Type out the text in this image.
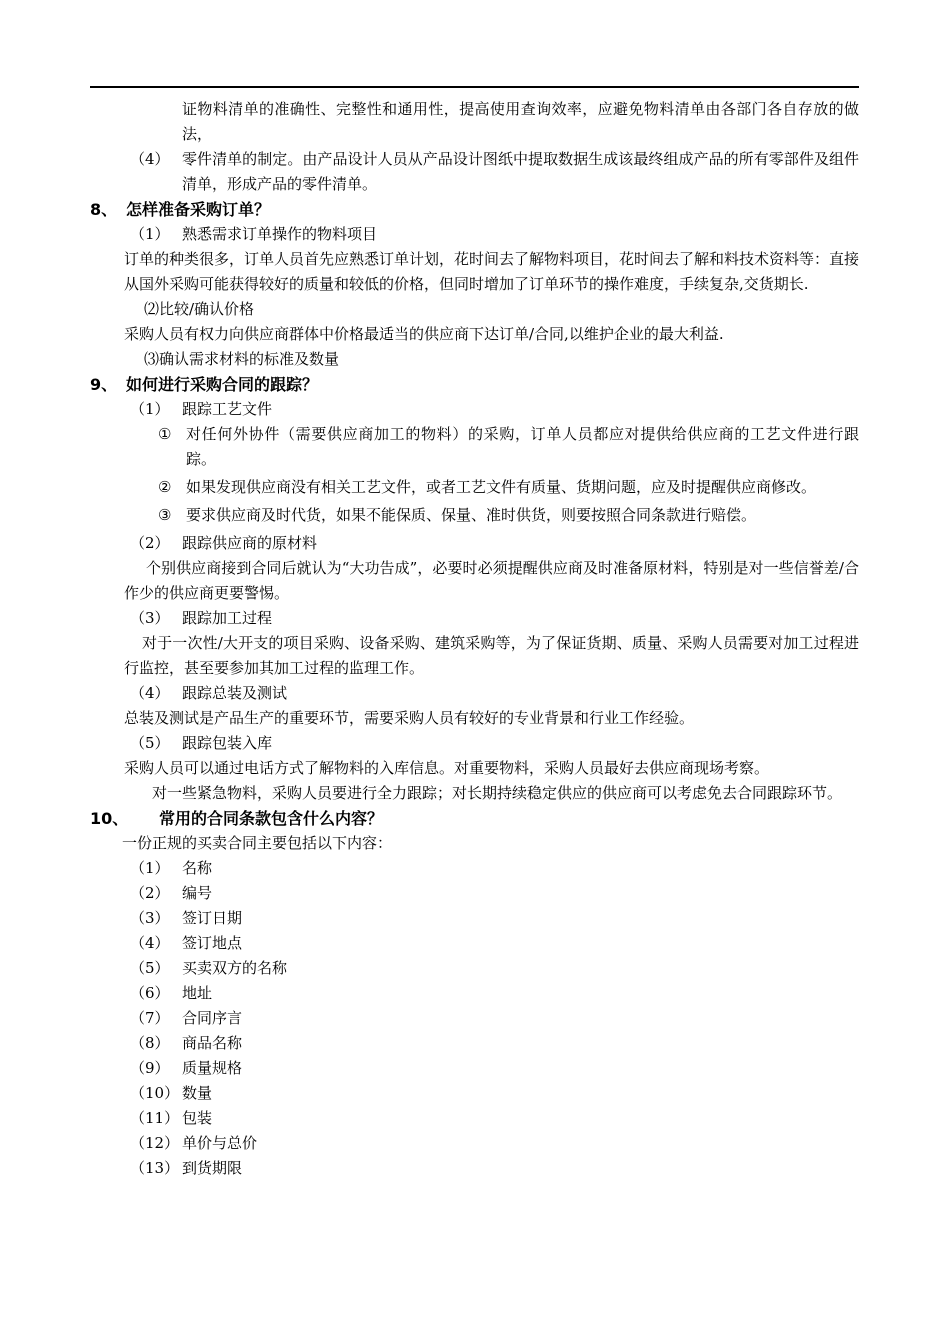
证物料清单的准确性、完整性和通用性，提高使用查询效率，应避免物料清单由各部门各自存放的做法，

（4） 零件清单的制定。由产品设计人员从产品设计图纸中提取数据生成该最终组成产品的所有零部件及组件清单，形成产品的零件清单。

8、 怎样准备采购订单？

（1） 熟悉需求订单操作的物料项目

订单的种类很多，订单人员首先应熟悉订单计划，花时间去了解物料项目，花时间去了解和料技术资料等：直接从国外采购可能获得较好的质量和较低的价格，但同时增加了订单环节的操作难度，手续复杂,交货期长.

⑵比较/确认价格

采购人员有权力向供应商群体中价格最适当的供应商下达订单/合同,以维护企业的最大利益.

⑶确认需求材料的标准及数量

9、 如何进行采购合同的跟踪？

（1） 跟踪工艺文件
① 对任何外协件（需要供应商加工的物料）的采购，订单人员都应对提供给供应商的工艺文件进行跟踪。
② 如果发现供应商没有相关工艺文件，或者工艺文件有质量、货期问题，应及时提醒供应商修改。
③ 要求供应商及时代货，如果不能保质、保量、准时供货，则要按照合同条款进行赔偿。
（2） 跟踪供应商的原材料

个别供应商接到合同后就认为“大功告成”，必要时必须提醒供应商及时准备原材料，特别是对一些信誉差/合作少的供应商更要警惕。

（3） 跟踪加工过程

对于一次性/大开支的项目采购、设备采购、建筑采购等，为了保证货期、质量、采购人员需要对加工过程进行监控，甚至要参加其加工过程的监理工作。

（4） 跟踪总装及测试

总装及测试是产品生产的重要环节，需要采购人员有较好的专业背景和行业工作经验。

（5） 跟踪包装入库

采购人员可以通过电话方式了解物料的入库信息。对重要物料，采购人员最好去供应商现场考察。

对一些紧急物料，采购人员要进行全力跟踪；对长期持续稳定供应的供应商可以考虑免去合同跟踪环节。

10、 常用的合同条款包含什么内容？

一份正规的买卖合同主要包括以下内容：

（1） 名称
（2） 编号
（3） 签订日期
（4） 签订地点
（5） 买卖双方的名称
（6） 地址
（7） 合同序言
（8） 商品名称
（9） 质量规格
（10） 数量
（11） 包装
（12） 单价与总价
（13） 到货期限
